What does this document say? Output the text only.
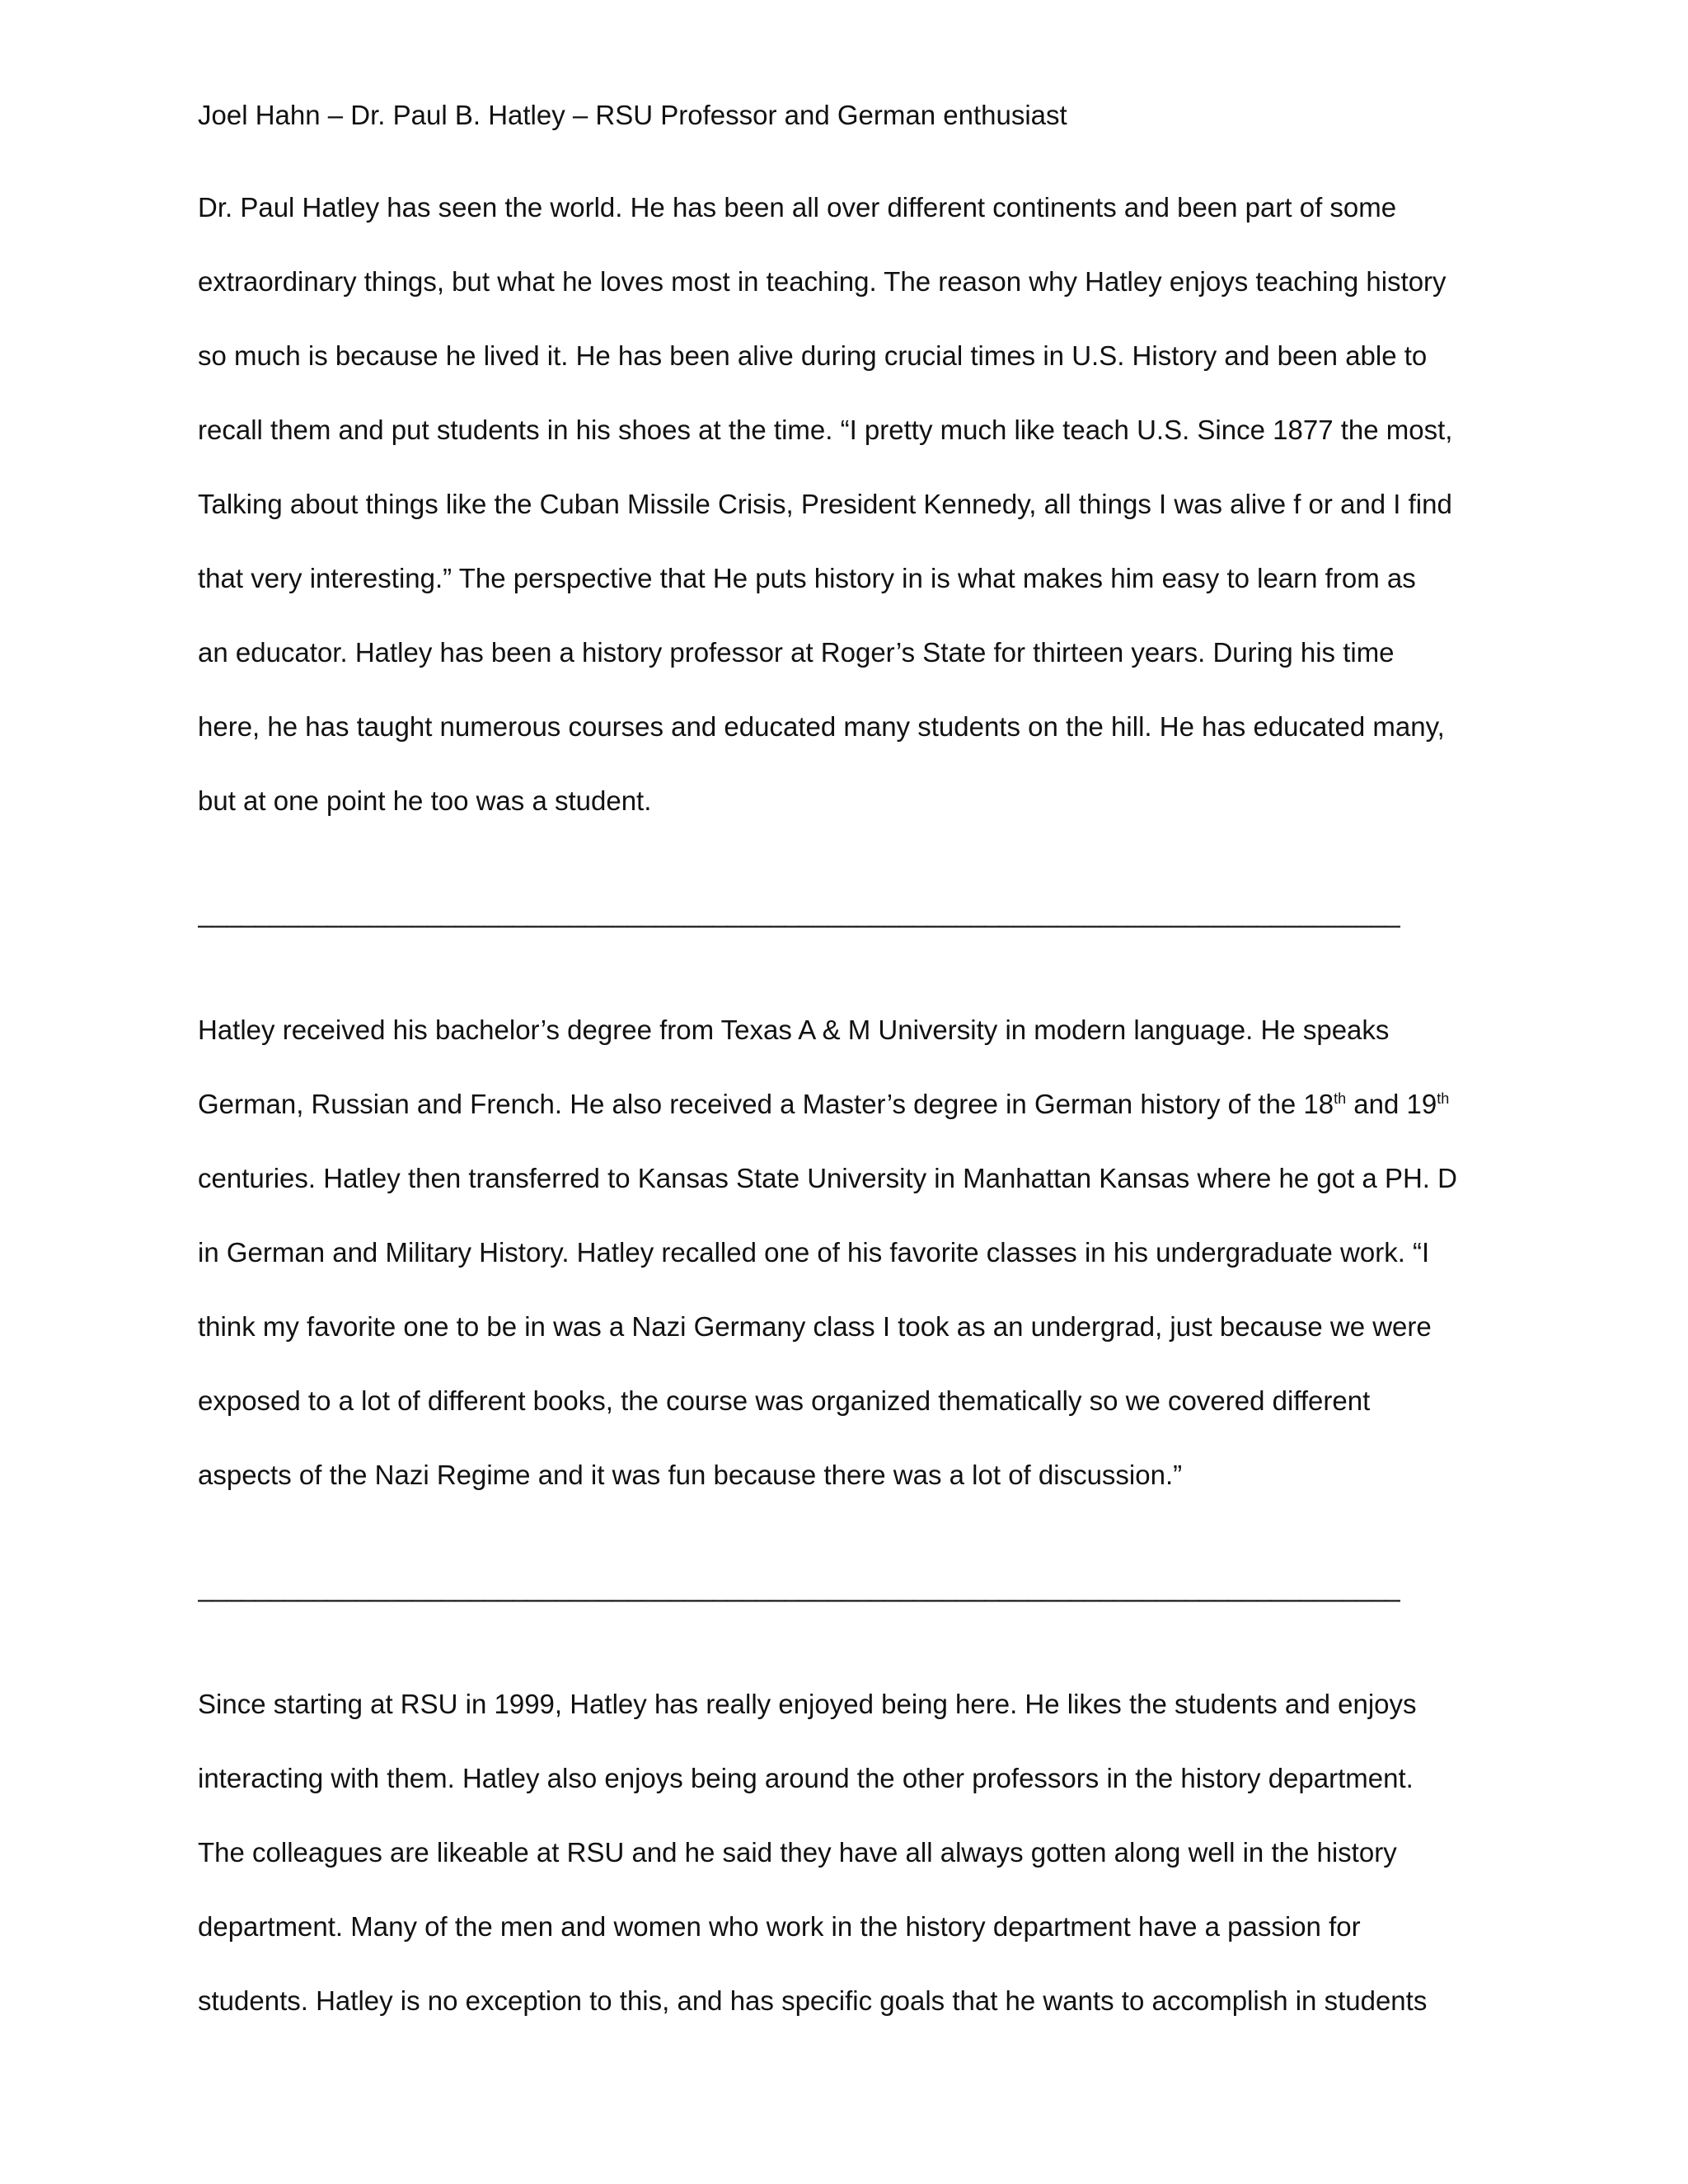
Joel Hahn – Dr. Paul B. Hatley – RSU Professor and German enthusiast
Dr. Paul Hatley has seen the world. He has been all over different continents and been part of some
extraordinary things, but what he loves most in teaching. The reason why Hatley enjoys teaching history
so much is because he lived it. He has been alive during crucial times in U.S. History and been able to
recall them and put students in his shoes at the time. “I pretty much like teach U.S. Since 1877 the most,
Talking about things like the Cuban Missile Crisis, President Kennedy, all things I was alive f or and I find
that very interesting.” The perspective that He puts history in is what makes him easy to learn from as
an educator. Hatley has been a history professor at Roger’s State for thirteen years. During his time
here, he has taught numerous courses and educated many students on the hill. He has educated many,
but at one point he too was a student.
____________________________________________________________________________________
Hatley received his bachelor’s degree from Texas A & M University in modern language. He speaks
German, Russian and French. He also received a Master’s degree in German history of the 18th and 19th
centuries. Hatley then transferred to Kansas State University in Manhattan Kansas where he got a PH. D
in German and Military History. Hatley recalled one of his favorite classes in his undergraduate work. “I
think my favorite one to be in was a Nazi Germany class I took as an undergrad, just because we were
exposed to a lot of different books, the course was organized thematically so we covered different
aspects of the Nazi Regime and it was fun because there was a lot of discussion.”
____________________________________________________________________________________
Since starting at RSU in 1999, Hatley has really enjoyed being here. He likes the students and enjoys
interacting with them. Hatley also enjoys being around the other professors in the history department.
The colleagues are likeable at RSU and he said they have all always gotten along well in the history
department. Many of the men and women who work in the history department have a passion for
students. Hatley is no exception to this, and has specific goals that he wants to accomplish in students
